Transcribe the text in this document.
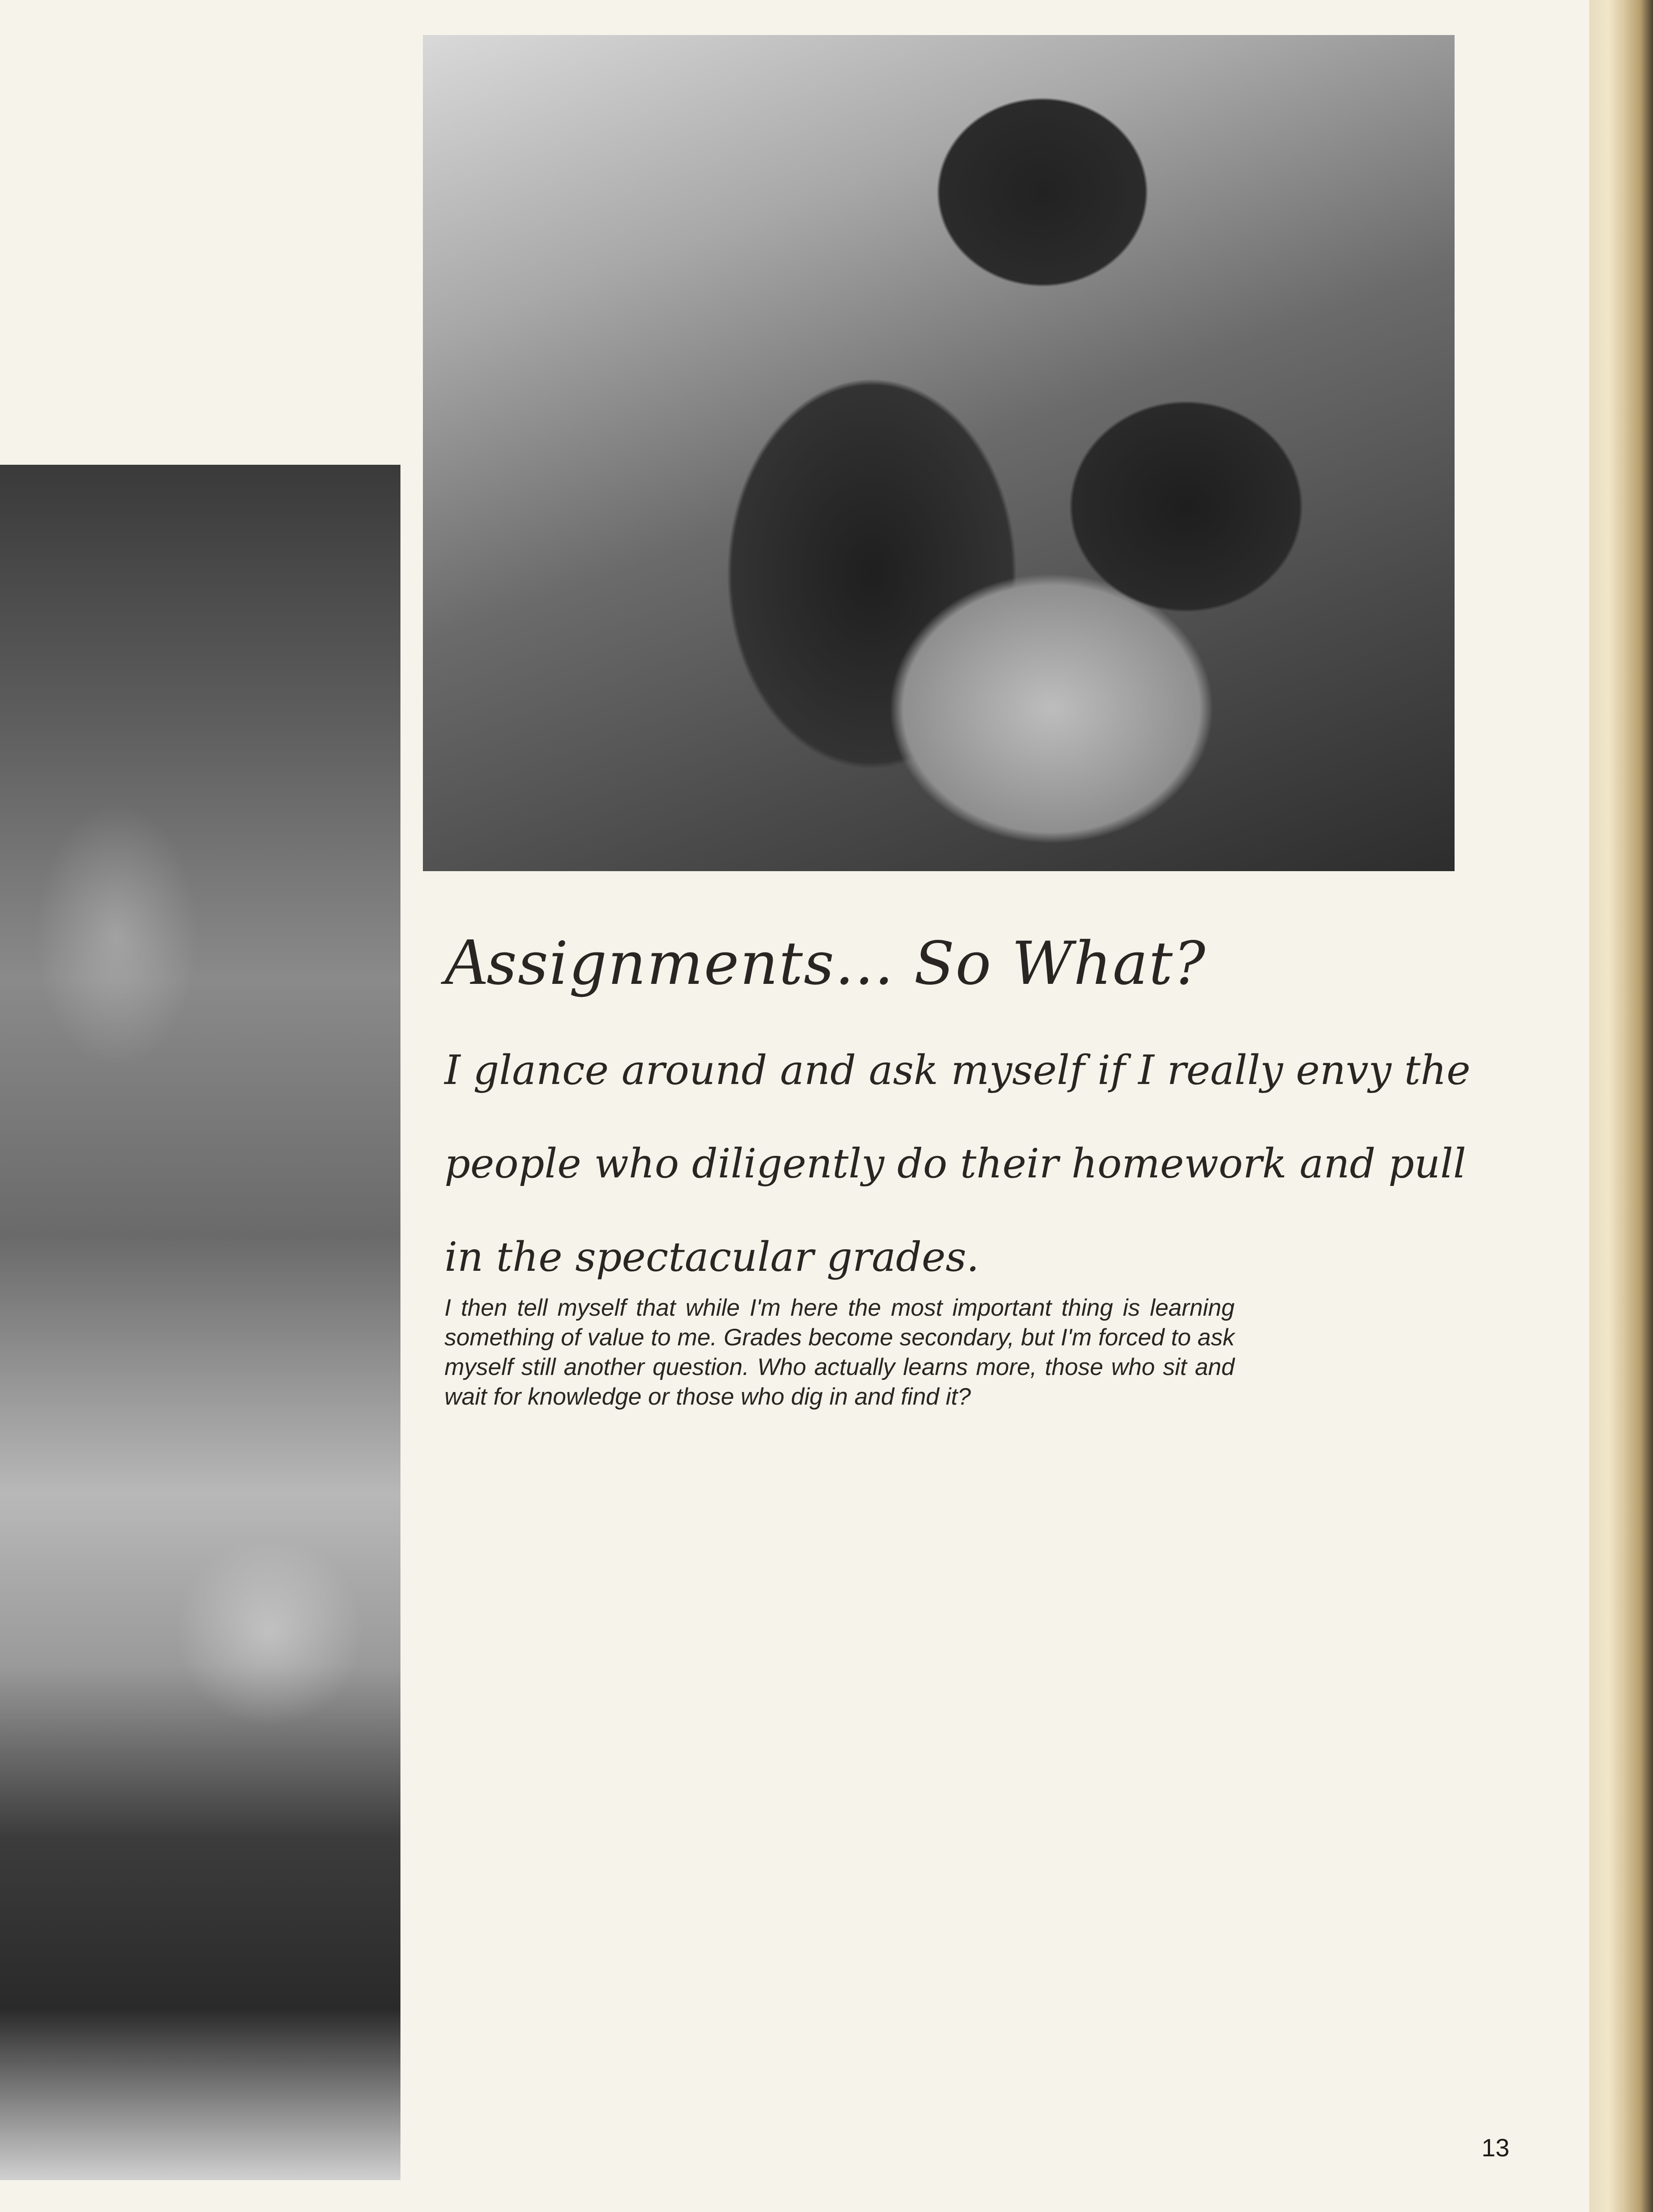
Assignments... So What?

I glance around and ask myself if I really envy the people who diligently do their homework and pull in the spectacular grades.

I then tell myself that while I'm here the most important thing is learning something of value to me. Grades become secondary, but I'm forced to ask myself still another question. Who actually learns more, those who sit and wait for knowledge or those who dig in and find it?

13
